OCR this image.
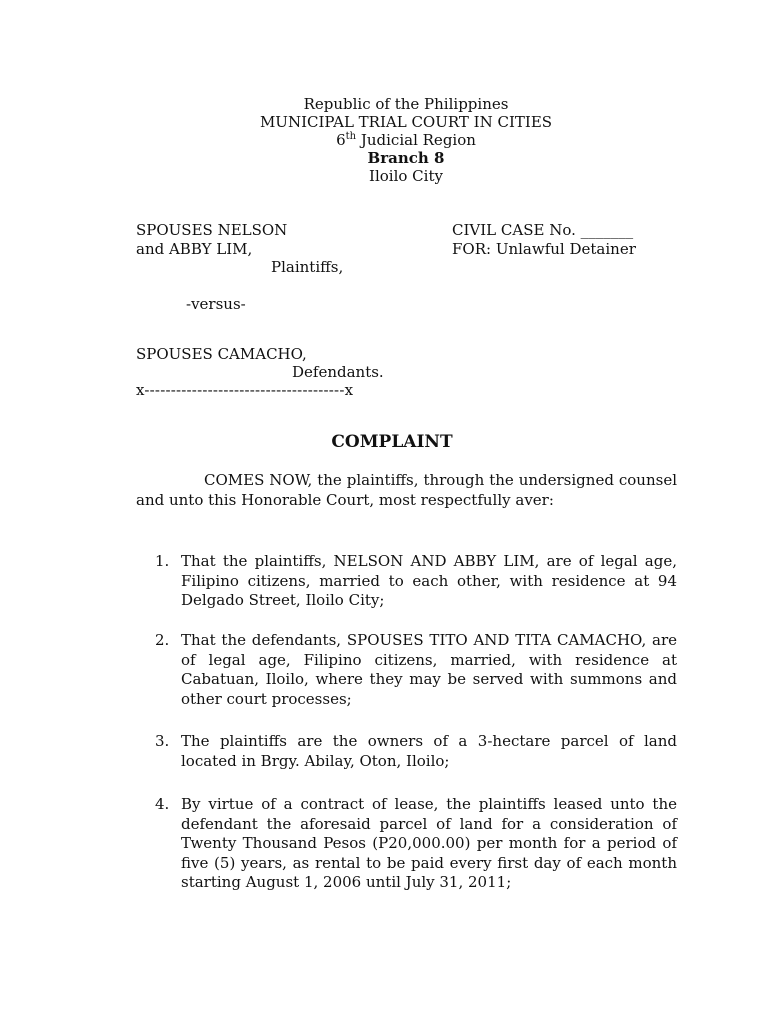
Republic of the Philippines
MUNICIPAL TRIAL COURT IN CITIES
6th Judicial Region
Branch 8
Iloilo City
SPOUSES NELSON
and ABBY LIM,
Plaintiffs,
CIVIL CASE No. _______
FOR: Unlawful Detainer
-versus-
SPOUSES CAMACHO,
Defendants.
x--------------------------------------x
COMPLAINT
COMES NOW, the plaintiffs, through the undersigned counsel and unto this Honorable Court, most respectfully aver:
1. That the plaintiffs, NELSON AND ABBY LIM, are of legal age, Filipino citizens, married to each other, with residence at 94 Delgado Street, Iloilo City;
2. That the defendants, SPOUSES TITO AND TITA CAMACHO, are of legal age, Filipino citizens, married, with residence at Cabatuan, Iloilo, where they may be served with summons and other court processes;
3. The plaintiffs are the owners of a 3-hectare parcel of land located in Brgy. Abilay, Oton, Iloilo;
4. By virtue of a contract of lease, the plaintiffs leased unto the defendant the aforesaid parcel of land for a consideration of Twenty Thousand Pesos (P20,000.00) per month for a period of five (5) years, as rental to be paid every first day of each month starting August 1, 2006 until July 31, 2011;
